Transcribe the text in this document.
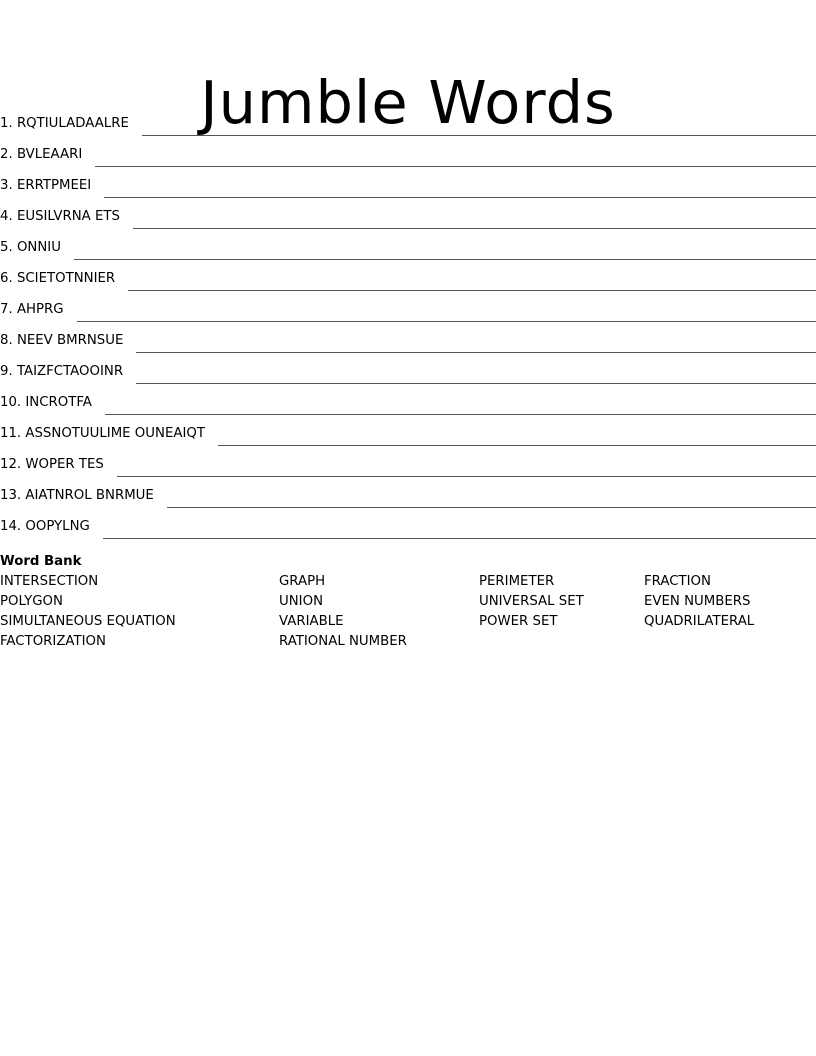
Jumble Words
1 . RQTIULADAALRE
2 . BVLEAARI
3 . ERRTPMEEI
4 . EUSILVRNA ETS
5 . ONNIU
6 . SCIETOTNNIER
7 . AHPRG
8 . NEEV BMRNSUE
9 . TAIZFCTAOOINR
10 . INCROTFA
11 . ASSNOTUULIME OUNEAIQT
12 . WOPER TES
13 . AIATNROL BNRMUE
14 . OOPYLNG
Word Bank
INTERSECTION	GRAPH	PERIMETER	FRACTION
POLYGON	UNION	UNIVERSAL SET	EVEN NUMBERS
SIMULTANEOUS EQUATION	VARIABLE	POWER SET	QUADRILATERAL
FACTORIZATION	RATIONAL NUMBER
